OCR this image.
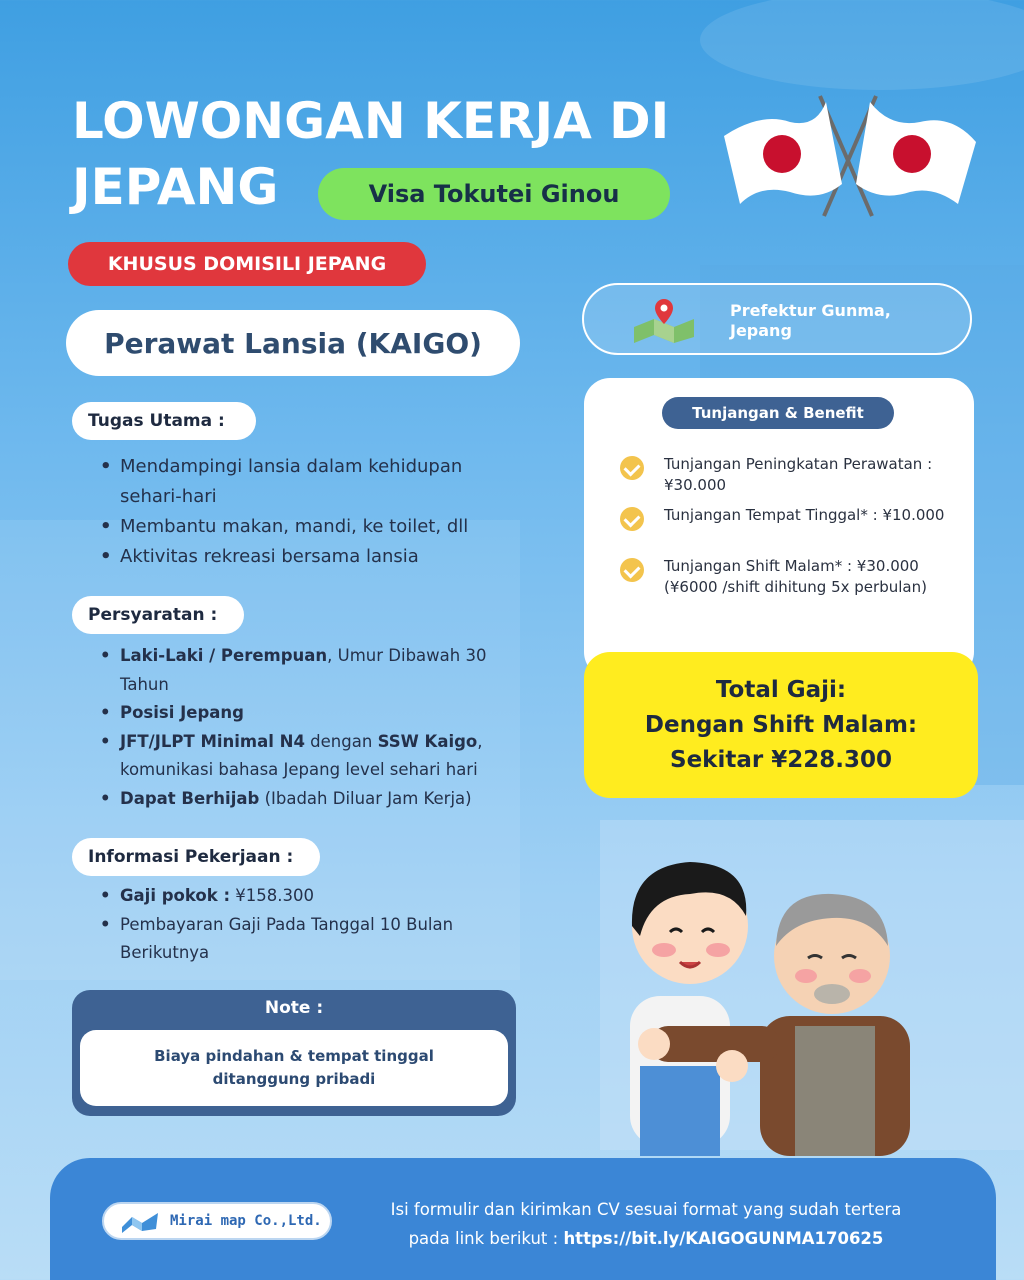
LOWONGAN KERJA DI
JEPANG	Visa Tokutei Ginou
KHUSUS DOMISILI JEPANG
Perawat Lansia (KAIGO)
Prefektur Gunma,
Jepang
Tugas Utama :
• Mendampingi lansia dalam kehidupan sehari-hari
• Membantu makan, mandi, ke toilet, dll
• Aktivitas rekreasi bersama lansia
Persyaratan :
• Laki-Laki / Perempuan, Umur Dibawah 30 Tahun
• Posisi Jepang
• JFT/JLPT Minimal N4 dengan SSW Kaigo, komunikasi bahasa Jepang level sehari hari
• Dapat Berhijab (Ibadah Diluar Jam Kerja)
Informasi Pekerjaan :
• Gaji pokok : ¥158.300
• Pembayaran Gaji Pada Tanggal 10 Bulan Berikutnya
Note :
Biaya pindahan & tempat tinggal ditanggung pribadi
Tunjangan & Benefit
Tunjangan Peningkatan Perawatan : ¥30.000
Tunjangan Tempat Tinggal* : ¥10.000
Tunjangan Shift Malam* : ¥30.000 (¥6000 /shift dihitung 5x perbulan)
Total Gaji:
Dengan Shift Malam:
Sekitar ¥228.300
Mirai map Co.,Ltd.
Isi formulir dan kirimkan CV sesuai format yang sudah tertera
pada link berikut : https://bit.ly/KAIGOGUNMA170625
